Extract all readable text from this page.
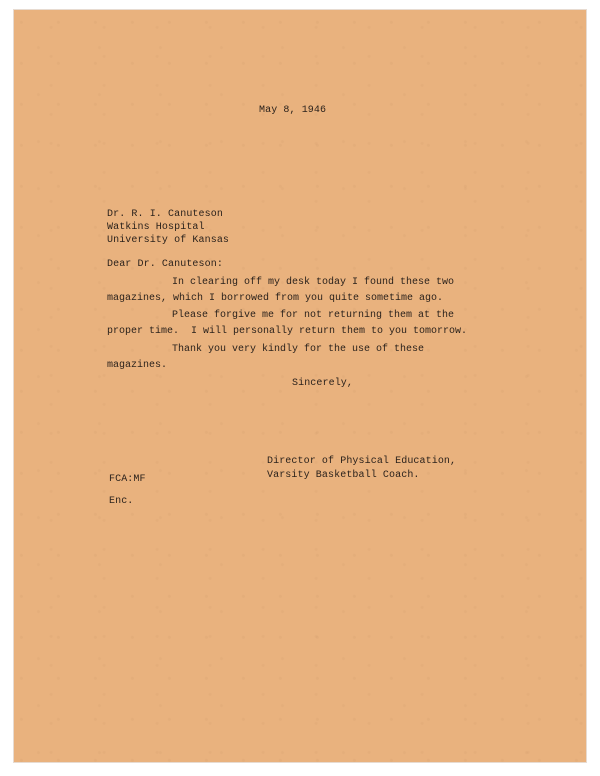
May 8, 1946

Dr. R. I. Canuteson

Watkins Hospital

University of Kansas

Dear Dr. Canuteson:

In clearing off my desk today I found these two

magazines, which I borrowed from you quite sometime ago.

Please forgive me for not returning them at the

proper time.  I will personally return them to you tomorrow.

Thank you very kindly for the use of these

magazines.

Sincerely,

Director of Physical Education,

Varsity Basketball Coach.

FCA:MF

Enc.
